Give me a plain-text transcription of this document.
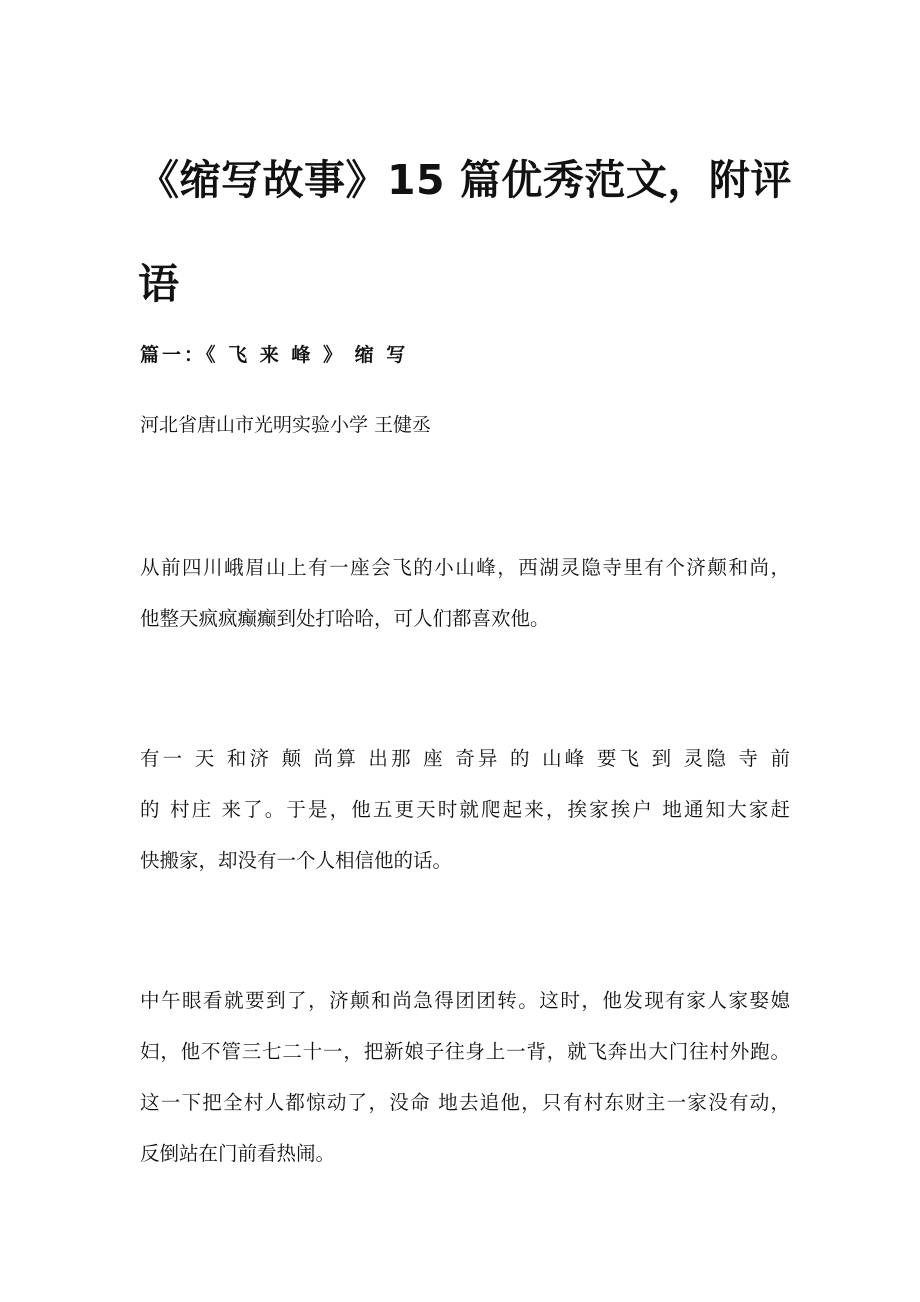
《缩写故事》15 篇优秀范文，附评语

篇一：《 飞 来 峰 》 缩 写

河北省唐山市光明实验小学 王健丞

从前四川峨眉山上有一座会飞的小山峰，西湖灵隐寺里有个济颠和尚，
他整天疯疯癫癫到处打哈哈，可人们都喜欢他。

有一 天 和济 颠 尚算 出那 座 奇异 的 山峰 要飞 到 灵隐 寺 前
的 村庄 来了。于是，他五更天时就爬起来，挨家挨户 地通知大家赶
快搬家，却没有一个人相信他的话。

中午眼看就要到了，济颠和尚急得团团转。这时，他发现有家人家娶媳
妇，他不管三七二十一，把新娘子往身上一背，就飞奔出大门往村外跑。
这一下把全村人都惊动了，没命 地去追他，只有村东财主一家没有动，
反倒站在门前看热闹。
